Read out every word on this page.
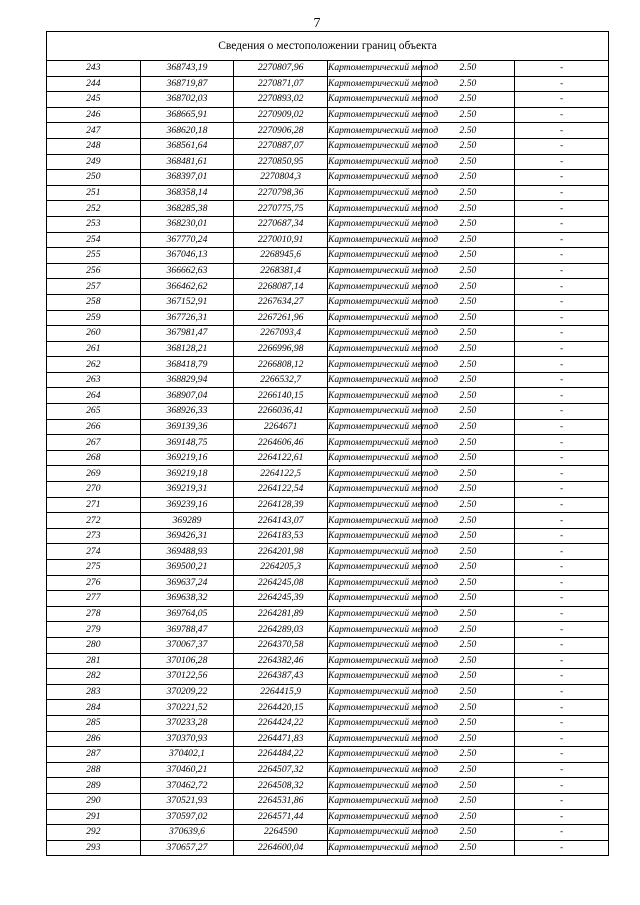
7
Сведения о местоположении границ объекта					
243	368743,19	2270807,96	Картометрический метод	2.50	-
244	368719,87	2270871,07	Картометрический метод	2.50	-
245	368702,03	2270893,02	Картометрический метод	2.50	-
246	368665,91	2270909,02	Картометрический метод	2.50	-
247	368620,18	2270906,28	Картометрический метод	2.50	-
248	368561,64	2270887,07	Картометрический метод	2.50	-
249	368481,61	2270850,95	Картометрический метод	2.50	-
250	368397,01	2270804,3	Картометрический метод	2.50	-
251	368358,14	2270798,36	Картометрический метод	2.50	-
252	368285,38	2270775,75	Картометрический метод	2.50	-
253	368230,01	2270687,34	Картометрический метод	2.50	-
254	367770,24	2270010,91	Картометрический метод	2.50	-
255	367046,13	2268945,6	Картометрический метод	2.50	-
256	366662,63	2268381,4	Картометрический метод	2.50	-
257	366462,62	2268087,14	Картометрический метод	2.50	-
258	367152,91	2267634,27	Картометрический метод	2.50	-
259	367726,31	2267261,96	Картометрический метод	2.50	-
260	367981,47	2267093,4	Картометрический метод	2.50	-
261	368128,21	2266996,98	Картометрический метод	2.50	-
262	368418,79	2266808,12	Картометрический метод	2.50	-
263	368829,94	2266532,7	Картометрический метод	2.50	-
264	368907,04	2266140,15	Картометрический метод	2.50	-
265	368926,33	2266036,41	Картометрический метод	2.50	-
266	369139,36	2264671	Картометрический метод	2.50	-
267	369148,75	2264606,46	Картометрический метод	2.50	-
268	369219,16	2264122,61	Картометрический метод	2.50	-
269	369219,18	2264122,5	Картометрический метод	2.50	-
270	369219,31	2264122,54	Картометрический метод	2.50	-
271	369239,16	2264128,39	Картометрический метод	2.50	-
272	369289	2264143,07	Картометрический метод	2.50	-
273	369426,31	2264183,53	Картометрический метод	2.50	-
274	369488,93	2264201,98	Картометрический метод	2.50	-
275	369500,21	2264205,3	Картометрический метод	2.50	-
276	369637,24	2264245,08	Картометрический метод	2.50	-
277	369638,32	2264245,39	Картометрический метод	2.50	-
278	369764,05	2264281,89	Картометрический метод	2.50	-
279	369788,47	2264289,03	Картометрический метод	2.50	-
280	370067,37	2264370,58	Картометрический метод	2.50	-
281	370106,28	2264382,46	Картометрический метод	2.50	-
282	370122,56	2264387,43	Картометрический метод	2.50	-
283	370209,22	2264415,9	Картометрический метод	2.50	-
284	370221,52	2264420,15	Картометрический метод	2.50	-
285	370233,28	2264424,22	Картометрический метод	2.50	-
286	370370,93	2264471,83	Картометрический метод	2.50	-
287	370402,1	2264484,22	Картометрический метод	2.50	-
288	370460,21	2264507,32	Картометрический метод	2.50	-
289	370462,72	2264508,32	Картометрический метод	2.50	-
290	370521,93	2264531,86	Картометрический метод	2.50	-
291	370597,02	2264571,44	Картометрический метод	2.50	-
292	370639,6	2264590	Картометрический метод	2.50	-
293	370657,27	2264600,04	Картометрический метод	2.50	-
